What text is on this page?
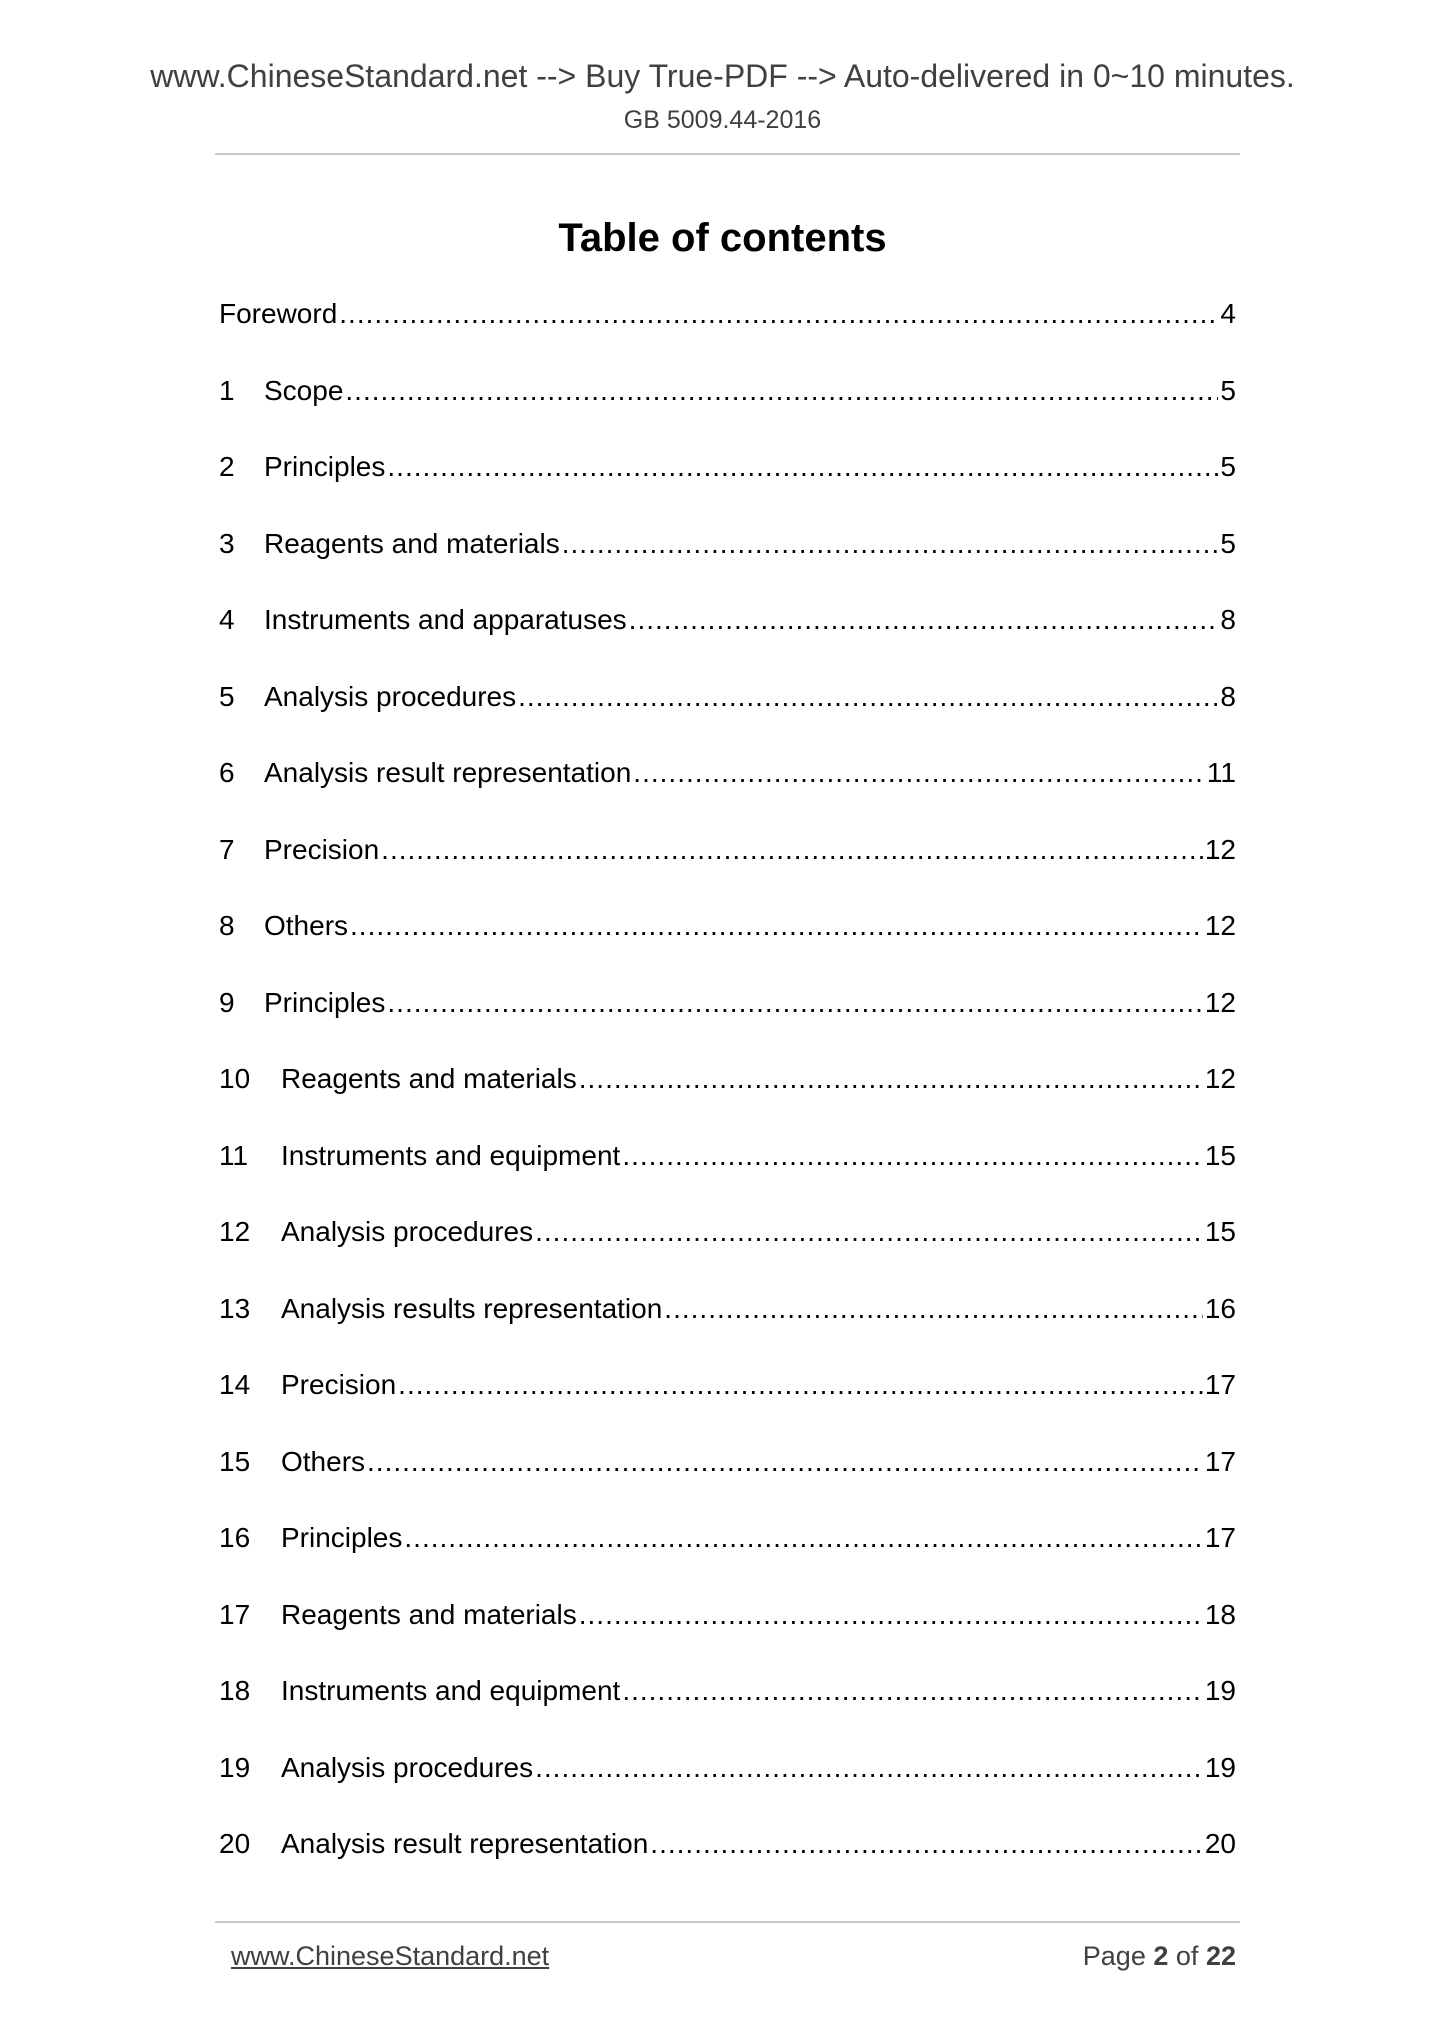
www.ChineseStandard.net --> Buy True-PDF --> Auto-delivered in 0~10 minutes.
GB 5009.44-2016
Table of contents
Foreword .....	4
1	Scope .....	5
2	Principles .....	5
3	Reagents and materials .....	5
4	Instruments and apparatuses .....	8
5	Analysis procedures .....	8
6	Analysis result representation .....	11
7	Precision .....	12
8	Others .....	12
9	Principles .....	12
10	Reagents and materials .....	12
11	Instruments and equipment .....	15
12	Analysis procedures .....	15
13	Analysis results representation .....	16
14	Precision .....	17
15	Others .....	17
16	Principles .....	17
17	Reagents and materials .....	18
18	Instruments and equipment .....	19
19	Analysis procedures .....	19
20	Analysis result representation .....	20
www.ChineseStandard.net	Page 2 of 22
